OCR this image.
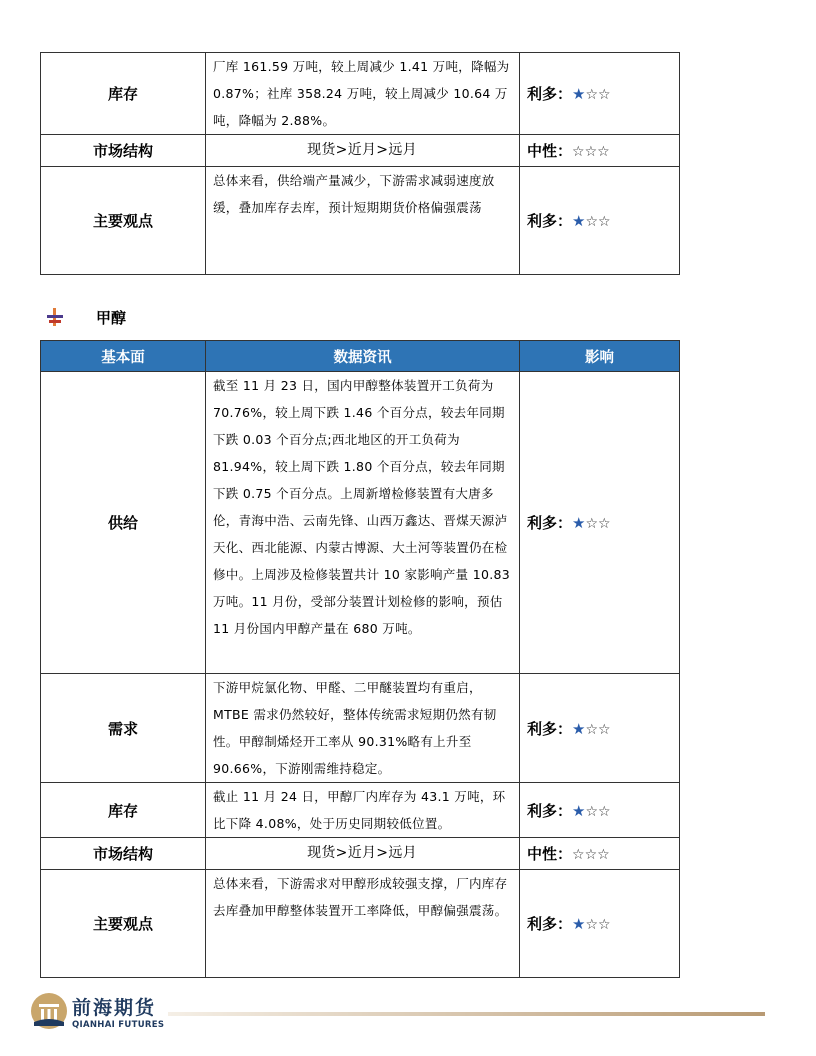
库存	厂库 161.59 万吨，较上周减少 1.41 万吨，降幅为 0.87%；社库 358.24 万吨，较上周减少 10.64 万吨，降幅为 2.88%。	利多：★☆☆
市场结构	现货>近月>远月	中性：☆☆☆
主要观点	总体来看，供给端产量减少，下游需求减弱速度放缓，叠加库存去库，预计短期期货价格偏强震荡	利多：★☆☆
甲醇
基本面	数据资讯	影响
供给	截至 11 月 23 日，国内甲醇整体装置开工负荷为 70.76%，较上周下跌 1.46 个百分点，较去年同期下跌 0.03 个百分点;西北地区的开工负荷为 81.94%，较上周下跌 1.80 个百分点，较去年同期下跌 0.75 个百分点。上周新增检修装置有大唐多伦，青海中浩、云南先锋、山西万鑫达、晋煤天源泸天化、西北能源、内蒙古博源、大土河等装置仍在检修中。上周涉及检修装置共计 10 家影响产量 10.83 万吨。11 月份，受部分装置计划检修的影响，预估 11 月份国内甲醇产量在 680 万吨。	利多：★☆☆
需求	下游甲烷氯化物、甲醛、二甲醚装置均有重启，MTBE 需求仍然较好，整体传统需求短期仍然有韧性。甲醇制烯烃开工率从 90.31%略有上升至 90.66%，下游刚需维持稳定。	利多：★☆☆
库存	截止 11 月 24 日，甲醇厂内库存为 43.1 万吨，环比下降 4.08%，处于历史同期较低位置。	利多：★☆☆
市场结构	现货>近月>远月	中性：☆☆☆
主要观点	总体来看，下游需求对甲醇形成较强支撑，厂内库存去库叠加甲醇整体装置开工率降低，甲醇偏强震荡。	利多：★☆☆
前海期货
QIANHAI FUTURES
